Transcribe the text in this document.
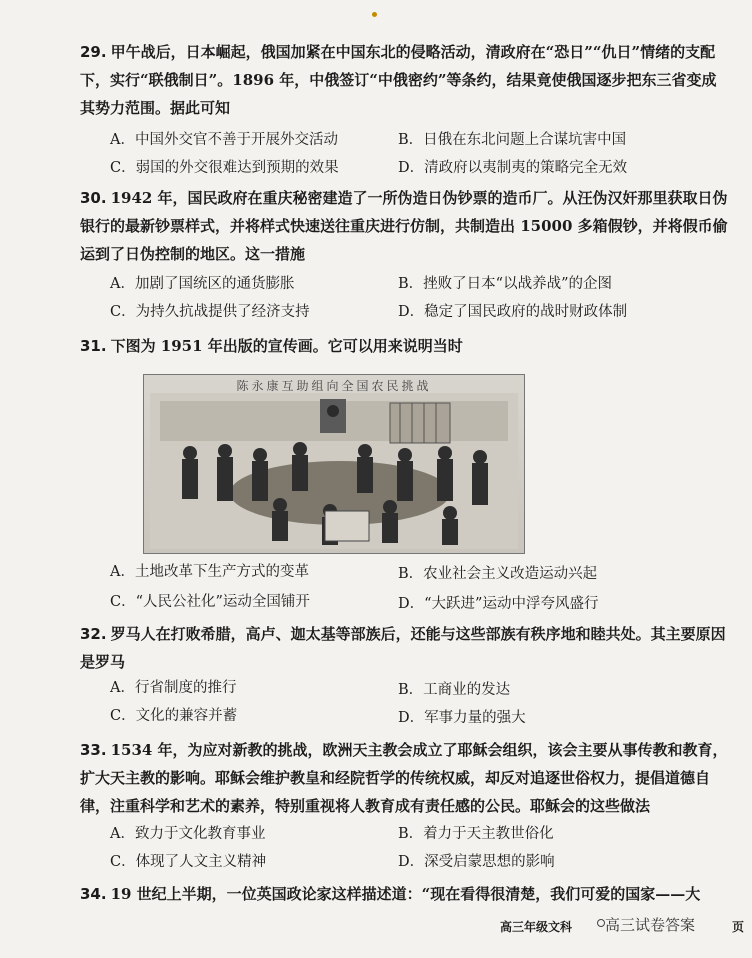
29. 甲午战后，日本崛起，俄国加紧在中国东北的侵略活动，清政府在“恐日”“仇日”情绪的支配下，实行“联俄制日”。1896 年，中俄签订“中俄密约”等条约，结果竟使俄国逐步把东三省变成其势力范围。据此可知
A．中国外交官不善于开展外交活动	B．日俄在东北问题上合谋坑害中国
C．弱国的外交很难达到预期的效果	D．清政府以夷制夷的策略完全无效
30. 1942 年，国民政府在重庆秘密建造了一所伪造日伪钞票的造币厂。从汪伪汉奸那里获取日伪银行的最新钞票样式，并将样式快速送往重庆进行仿制，共制造出 15000 多箱假钞，并将假币偷运到了日伪控制的地区。这一措施
A．加剧了国统区的通货膨胀	B．挫败了日本“以战养战”的企图
C．为持久抗战提供了经济支持	D．稳定了国民政府的战时财政体制
31. 下图为 1951 年出版的宣传画。它可以用来说明当时
陈永康互助组向全国农民挑战
A．土地改革下生产方式的变革	B．农业社会主义改造运动兴起
C．“人民公社化”运动全国铺开	D．“大跃进”运动中浮夸风盛行
32. 罗马人在打败希腊，高卢、迦太基等部族后，还能与这些部族有秩序地和睦共处。其主要原因是罗马
A．行省制度的推行	B．工商业的发达
C．文化的兼容并蓄	D．军事力量的强大
33. 1534 年，为应对新教的挑战，欧洲天主教会成立了耶稣会组织，该会主要从事传教和教育，扩大天主教的影响。耶稣会维护教皇和经院哲学的传统权威，却反对追逐世俗权力，提倡道德自律，注重科学和艺术的素养，特别重视将人教育成有责任感的公民。耶稣会的这些做法
A．致力于文化教育事业	B．着力于天主教世俗化
C．体现了人文主义精神	D．深受启蒙思想的影响
34. 19 世纪上半期，一位英国政论家这样描述道：“现在看得很清楚，我们可爱的国家——大
高三年级文科 高三试卷答案	页
